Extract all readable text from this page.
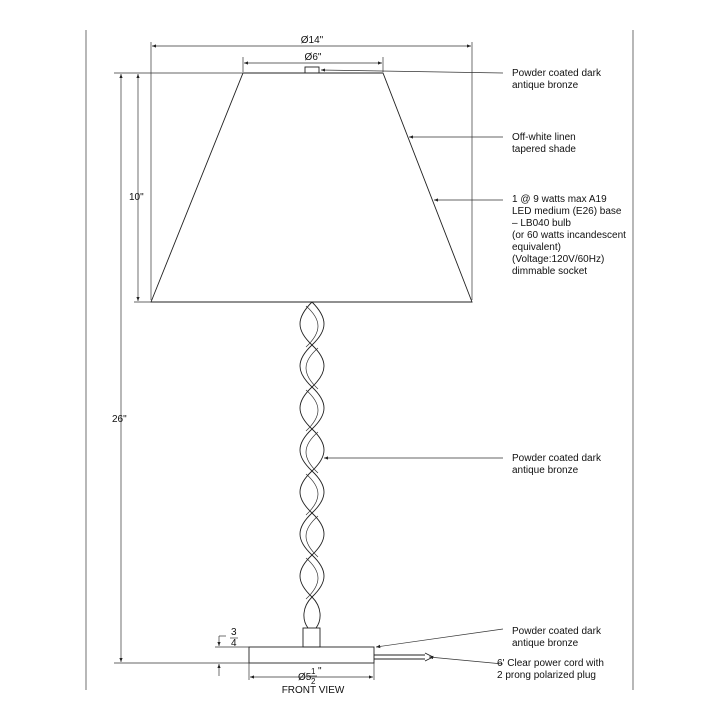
Ø14"
Ø6"
10"
26"
3
4
Ø5
1
2
"
FRONT VIEW
Powder coated dark
antique bronze
Off-white linen
tapered shade
1 @ 9 watts max A19
LED medium (E26) base
– LB040 bulb
(or 60 watts incandescent
equivalent)
(Voltage:120V/60Hz)
dimmable socket
Powder coated dark
antique bronze
Powder coated dark
antique bronze
6' Clear power cord with
2 prong polarized plug
